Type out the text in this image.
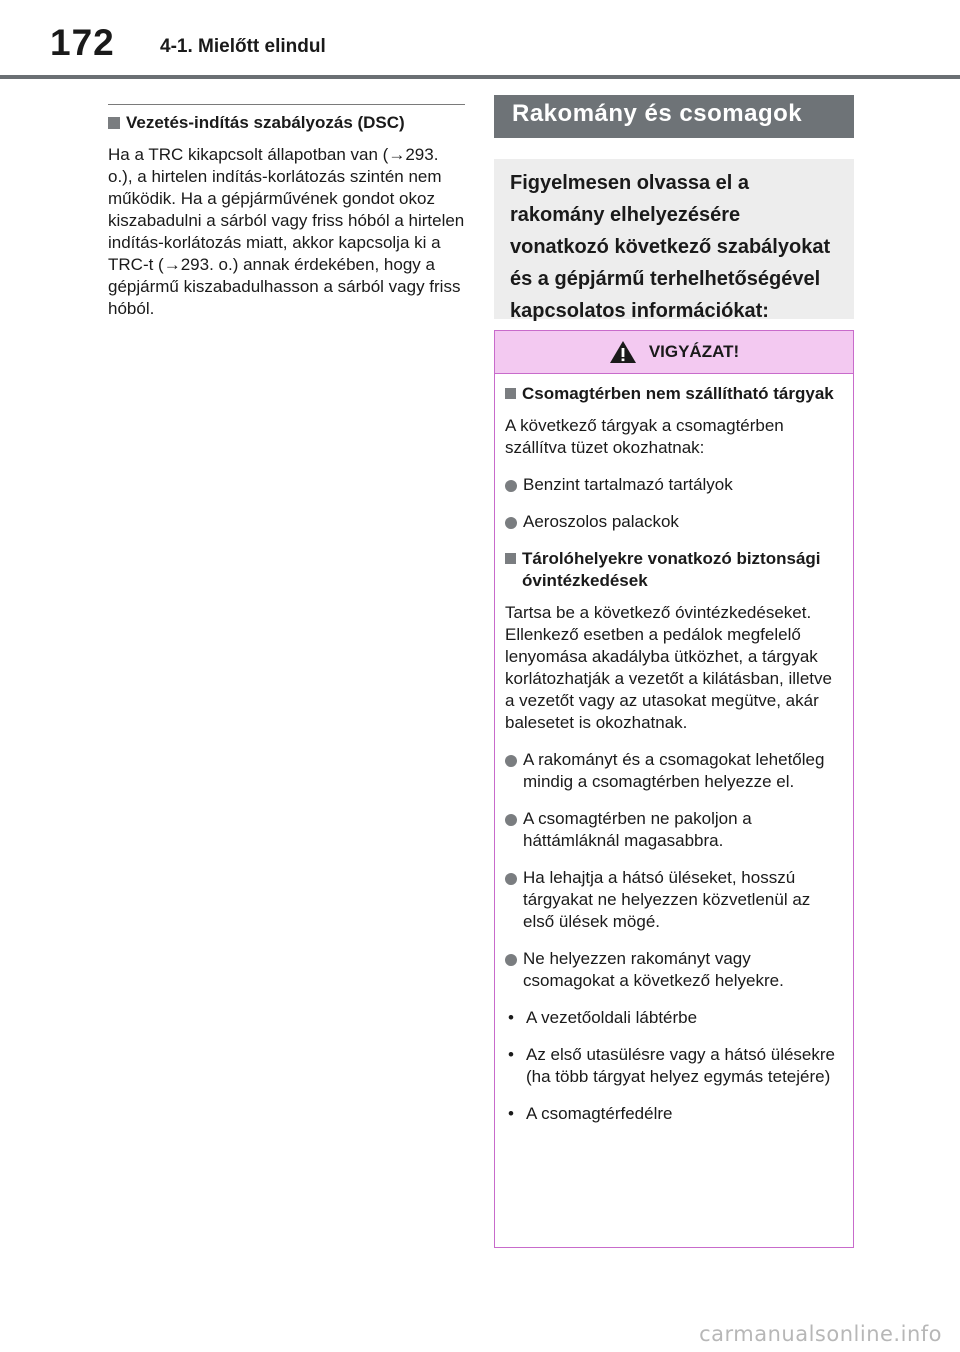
172 4-1. Mielőtt elindul
Vezetés-indítás szabályozás (DSC)
Ha a TRC kikapcsolt állapotban van (→293. o.), a hirtelen indítás-korlátozás szintén nem működik. Ha a gépjárművének gondot okoz kiszabadulni a sárból vagy friss hóból a hirtelen indítás-korlátozás miatt, akkor kapcsolja ki a TRC-t (→293. o.) annak érdekében, hogy a gépjármű kiszabadulhasson a sárból vagy friss hóból.
Rakomány és csomagok
Figyelmesen olvassa el a rakomány elhelyezésére vonatkozó következő szabályokat és a gépjármű terhelhetőségével kapcsolatos információkat:
VIGYÁZAT!
Csomagtérben nem szállítható tárgyak
A következő tárgyak a csomagtérben szállítva tüzet okozhatnak:
Benzint tartalmazó tartályok
Aeroszolos palackok
Tárolóhelyekre vonatkozó biztonsági óvintézkedések
Tartsa be a következő óvintézkedéseket.
Ellenkező esetben a pedálok megfelelő lenyomása akadályba ütközhet, a tárgyak korlátozhatják a vezetőt a kilátásban, illetve a vezetőt vagy az utasokat megütve, akár balesetet is okozhatnak.
A rakományt és a csomagokat lehetőleg mindig a csomagtérben helyezze el.
A csomagtérben ne pakoljon a háttámláknál magasabbra.
Ha lehajtja a hátsó üléseket, hosszú tárgyakat ne helyezzen közvetlenül az első ülések mögé.
Ne helyezzen rakományt vagy csomagokat a következő helyekre.
• A vezetőoldali lábtérbe
• Az első utasülésre vagy a hátsó ülésekre (ha több tárgyat helyez egymás tetejére)
• A csomagtérfedélre
carmanualsonline.info
